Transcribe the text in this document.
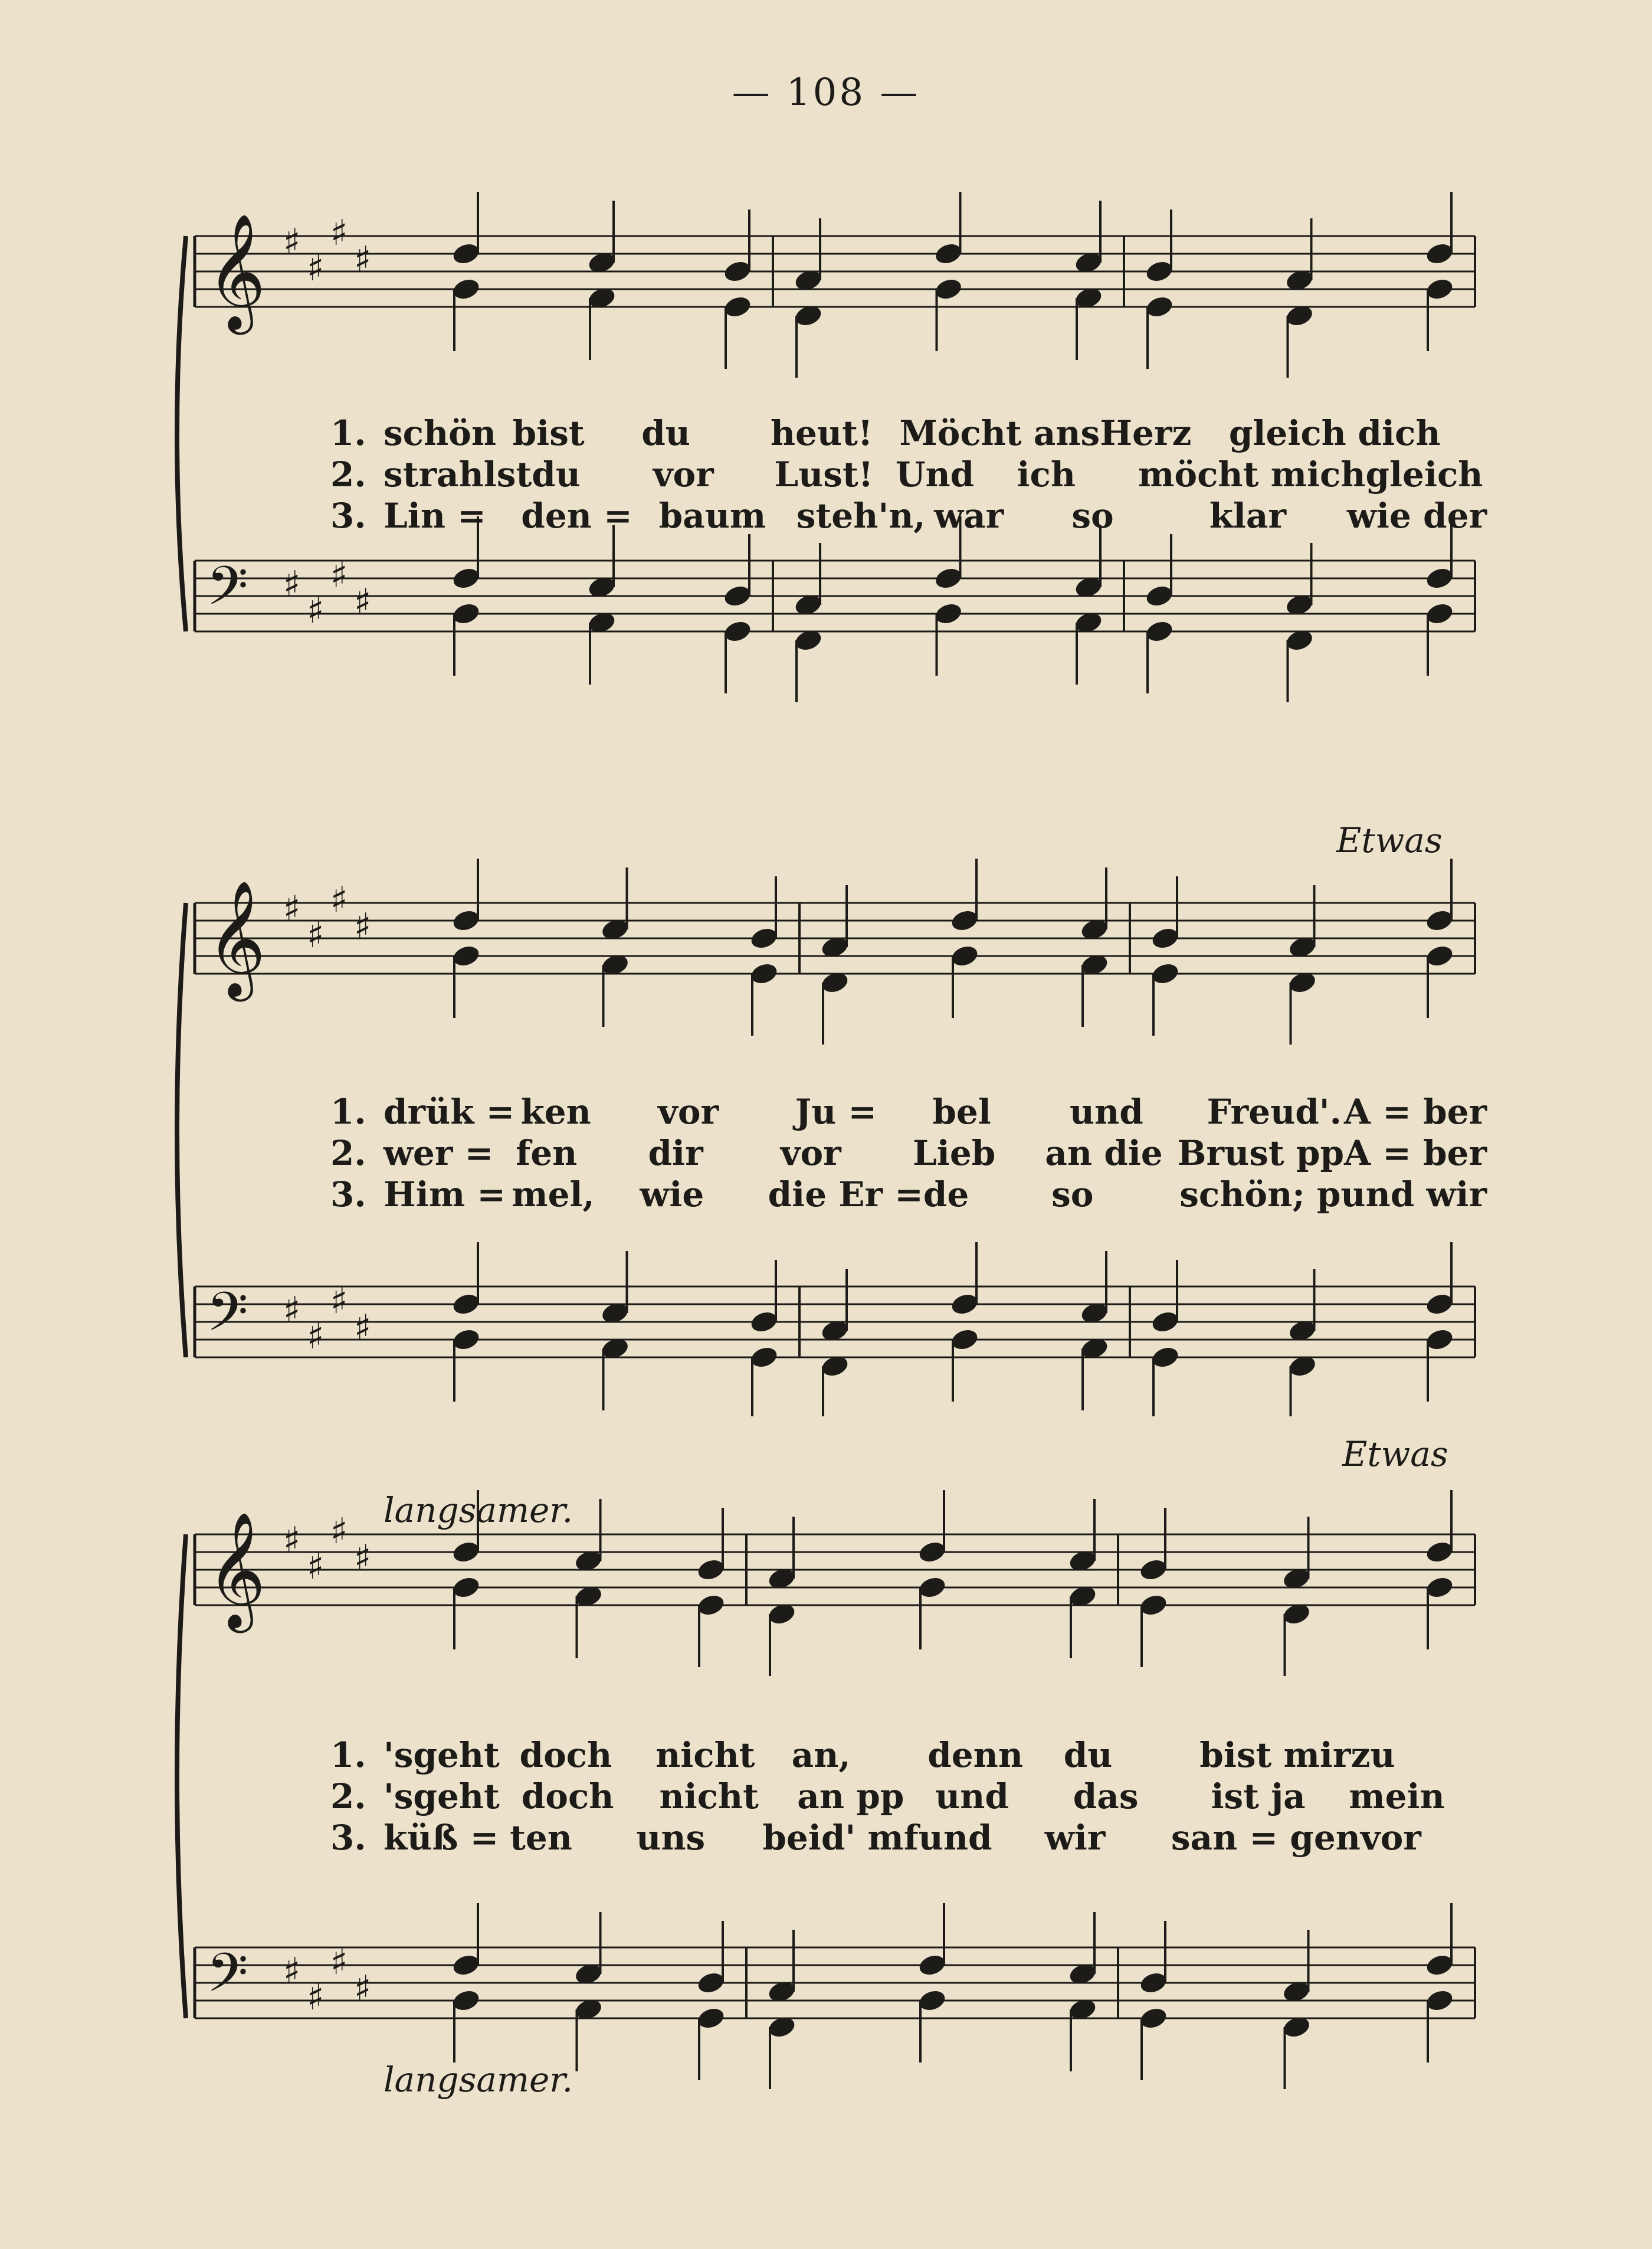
— 108 —
𝄞 ♯
♯
♯
♯
𝄢 ♯
♯
♯
♯
1. schön bist	du	heut! Möcht ans Herz	gleich dich
2. strahlst du	vor	Lust! Und	ich	möcht mich gleich
3. Lin =	den = baum steh'n, war	so	klar	wie der
𝄞 ♯
♯
♯
♯
𝄢 ♯
♯
♯
♯
Etwas
1. drük = ken	vor	Ju =	bel	und	Freud'. A = ber
2. wer = fen	dir	vor	Lieb	an die Brust pp A = ber
3. Him = mel,	wie	die Er = de	so	schön; p und wir
𝄞 ♯
♯
♯
♯
𝄢 ♯
♯
♯
♯
Etwas
langsamer.
1. 'sgeht doch	nicht	an,	denn	du	bist mir zu
2. 'sgeht doch	nicht	an pp und	das	ist ja	mein
3. küß = ten	uns	beid' mf und	wir	san = gen vor
langsamer.
